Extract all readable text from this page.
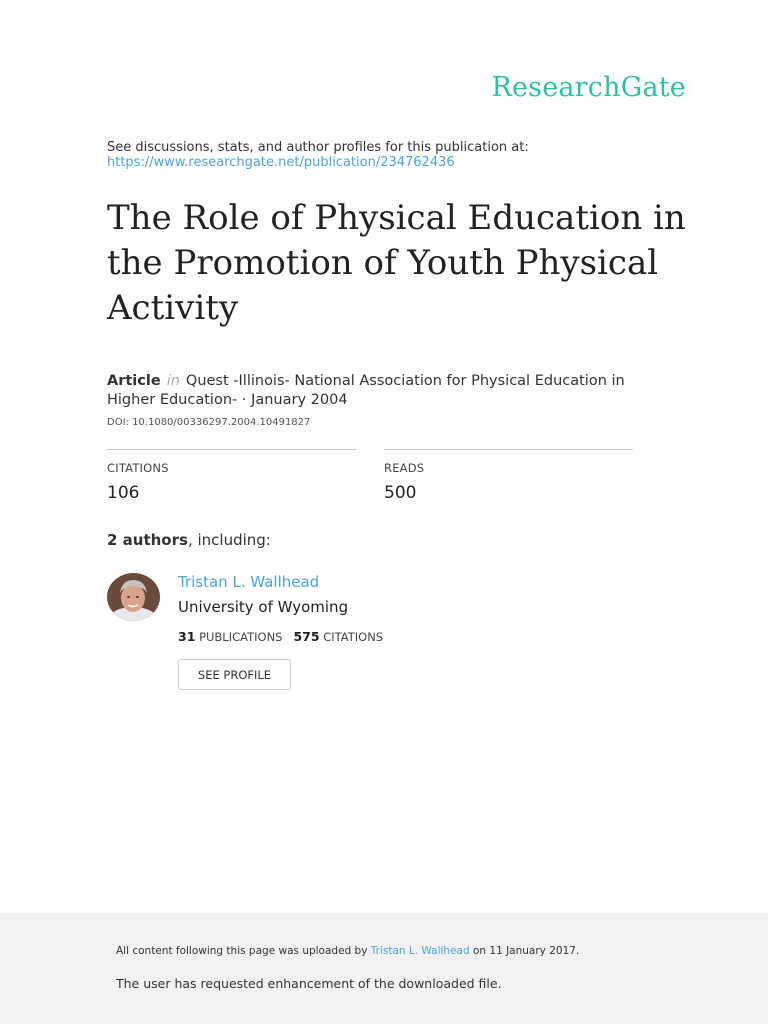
ResearchGate
See discussions, stats, and author profiles for this publication at:
https://www.researchgate.net/publication/234762436
The Role of Physical Education in the Promotion of Youth Physical Activity
Article in Quest -Illinois- National Association for Physical Education in Higher Education- · January 2004
DOI: 10.1080/00336297.2004.10491827
CITATIONS
106
READS
500
2 authors, including:
Tristan L. Wallhead
University of Wyoming
31 PUBLICATIONS 575 CITATIONS
SEE PROFILE
All content following this page was uploaded by Tristan L. Wallhead on 11 January 2017.
The user has requested enhancement of the downloaded file.
